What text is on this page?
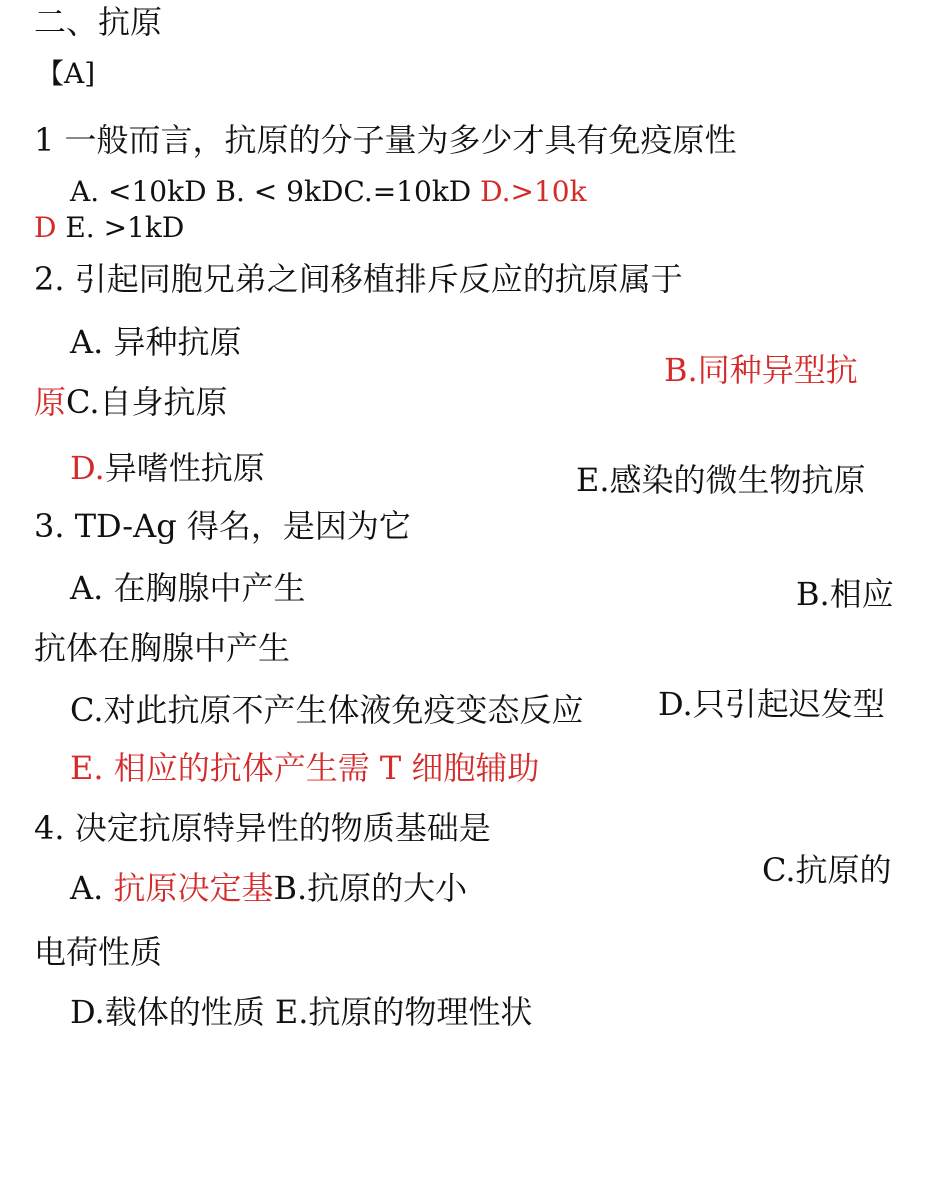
二、抗原
【A]
1 一般而言，抗原的分子量为多少才具有免疫原性
A. <10kD B. < 9kDC.=10kD D.>10k
D E. >1kD
2. 引起同胞兄弟之间移植排斥反应的抗原属于
A. 异种抗原
B.同种异型抗
原C.自身抗原
D.异嗜性抗原	E.感染的微生物抗原
3. TD-Ag 得名，是因为它
A. 在胸腺中产生	B.相应
抗体在胸腺中产生
C.对此抗原不产生体液免疫变态反应 D.只引起迟发型
E. 相应的抗体产生需 T 细胞辅助
4. 决定抗原特异性的物质基础是
A. 抗原决定基B.抗原的大小	C.抗原的
电荷性质
D.载体的性质 E.抗原的物理性状
